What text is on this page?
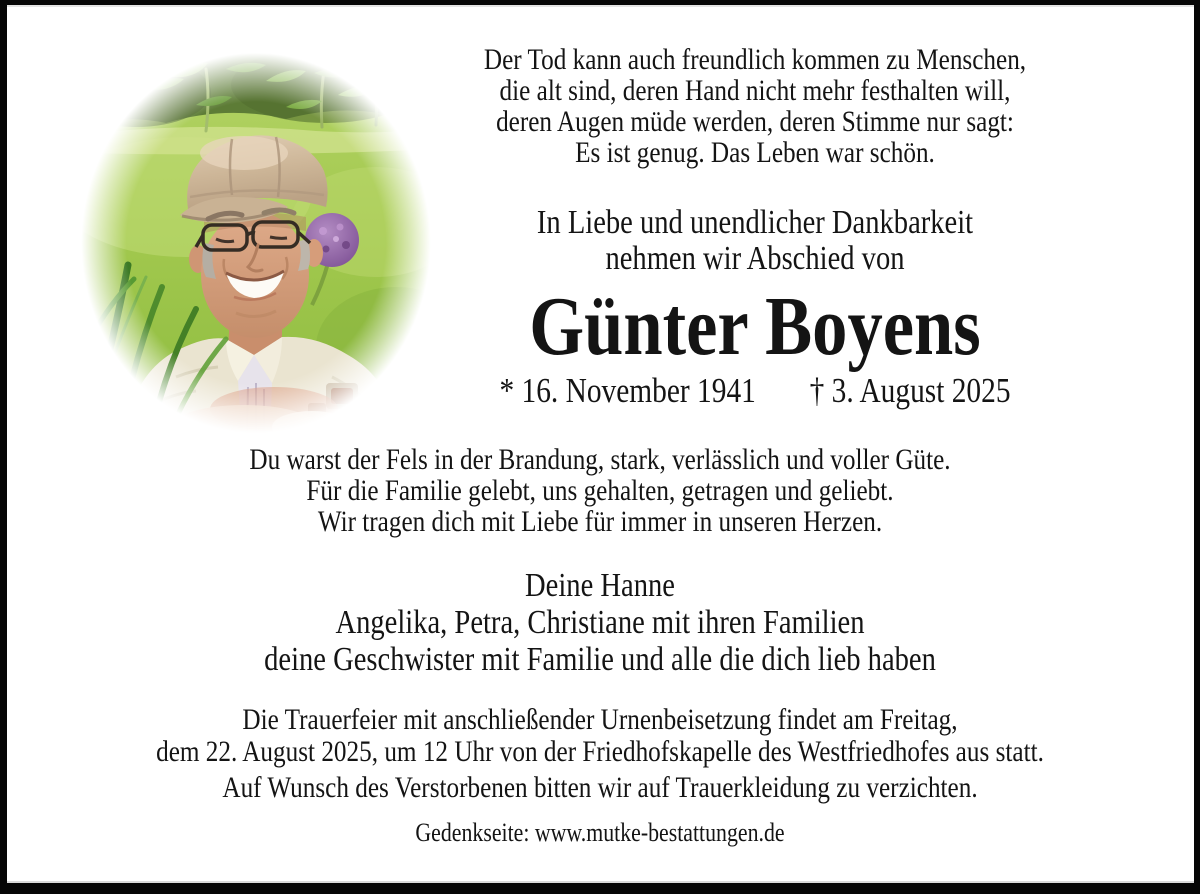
Der Tod kann auch freundlich kommen zu Menschen,
die alt sind, deren Hand nicht mehr festhalten will,
deren Augen müde werden, deren Stimme nur sagt:
Es ist genug. Das Leben war schön.
In Liebe und unendlicher Dankbarkeit
nehmen wir Abschied von
Günter Boyens
* 16. November 1941 † 3. August 2025
Du warst der Fels in der Brandung, stark, verlässlich und voller Güte.
Für die Familie gelebt, uns gehalten, getragen und geliebt.
Wir tragen dich mit Liebe für immer in unseren Herzen.
Deine Hanne
Angelika, Petra, Christiane mit ihren Familien
deine Geschwister mit Familie und alle die dich lieb haben
Die Trauerfeier mit anschließender Urnenbeisetzung findet am Freitag,
dem 22. August 2025, um 12 Uhr von der Friedhofskapelle des Westfriedhofes aus statt.
Auf Wunsch des Verstorbenen bitten wir auf Trauerkleidung zu verzichten.
Gedenkseite: www.mutke-bestattungen.de
